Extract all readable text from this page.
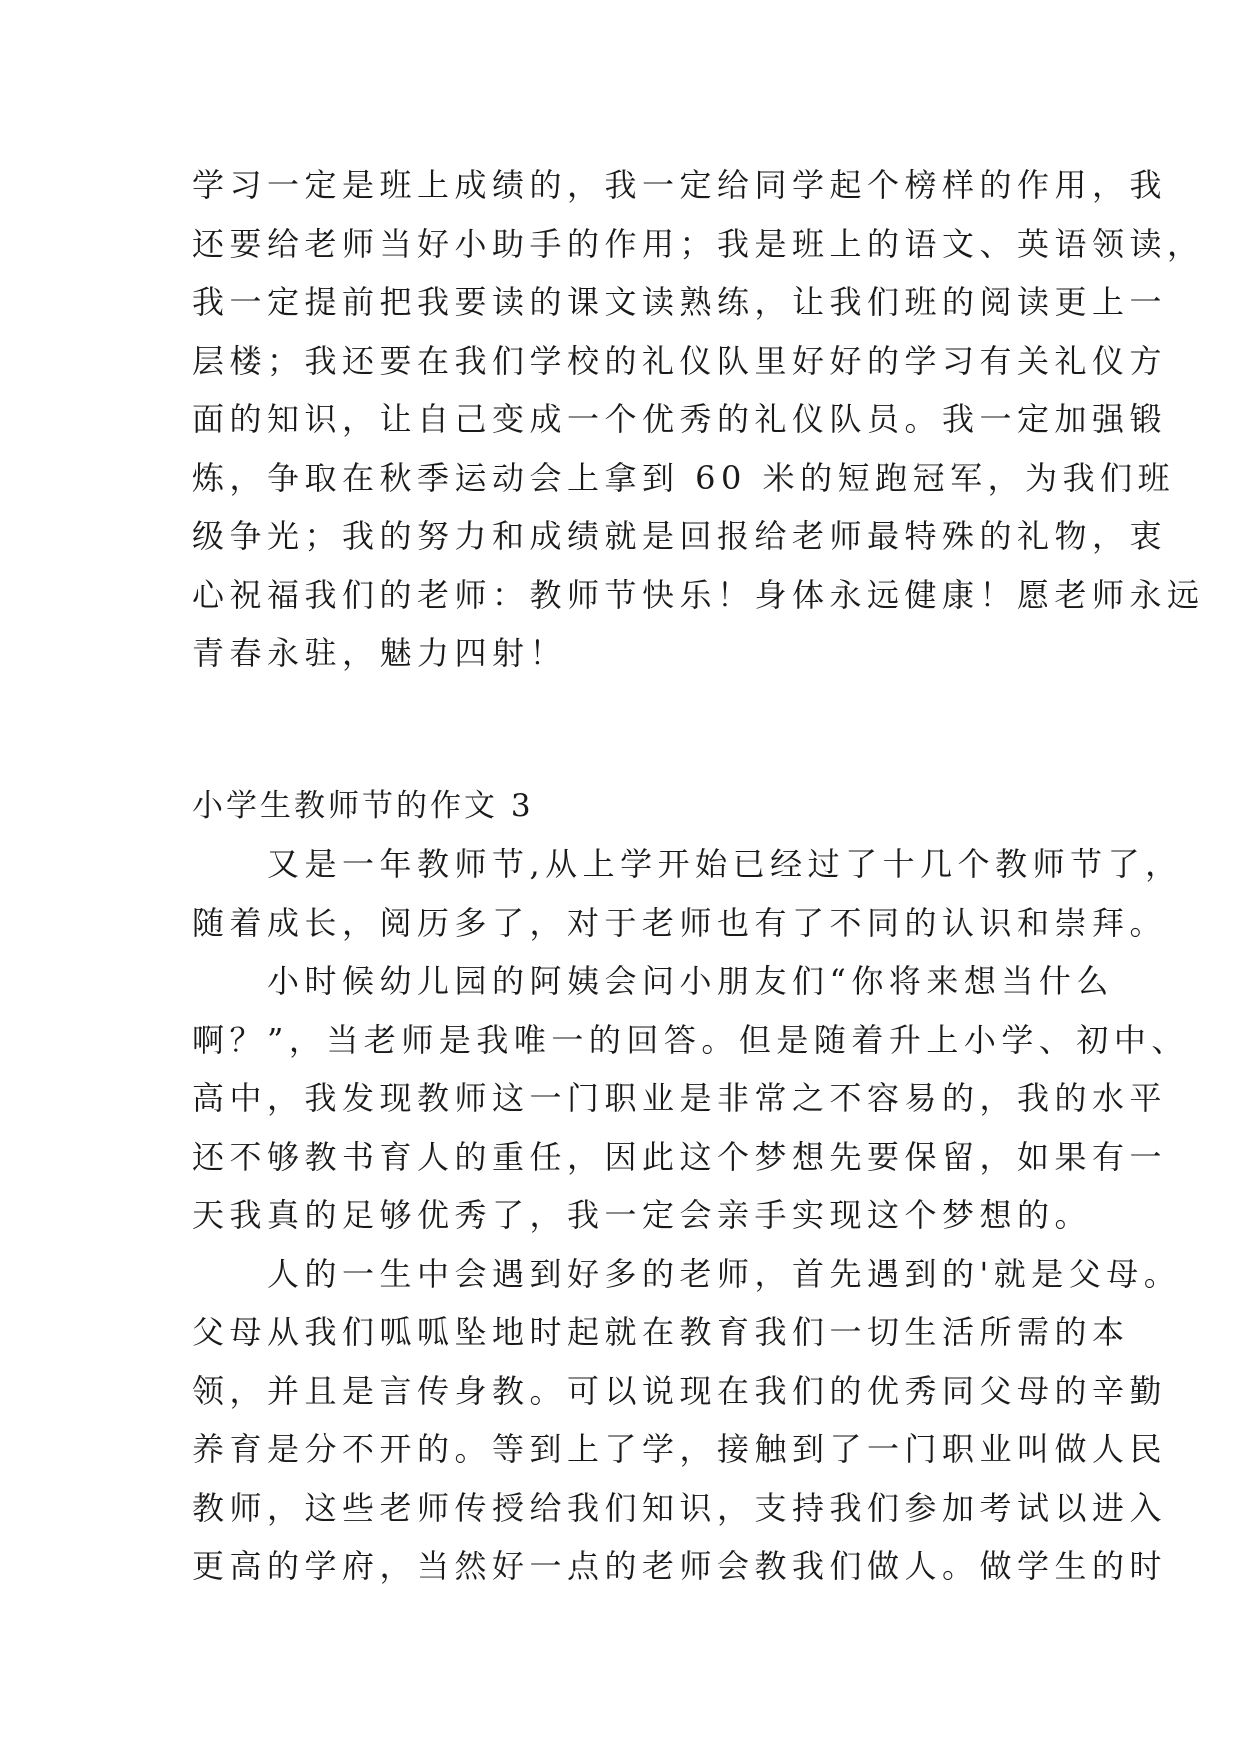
学习一定是班上成绩的，我一定给同学起个榜样的作用，我
还要给老师当好小助手的作用；我是班上的语文、英语领读，
我一定提前把我要读的课文读熟练，让我们班的阅读更上一
层楼；我还要在我们学校的礼仪队里好好的学习有关礼仪方
面的知识，让自己变成一个优秀的礼仪队员。我一定加强锻
炼，争取在秋季运动会上拿到 60 米的短跑冠军，为我们班
级争光；我的努力和成绩就是回报给老师最特殊的礼物，衷
心祝福我们的老师：教师节快乐！身体永远健康！愿老师永远
青春永驻，魅力四射！
小学生教师节的作文 3
　　又是一年教师节,从上学开始已经过了十几个教师节了，
随着成长，阅历多了，对于老师也有了不同的认识和崇拜。
　　小时候幼儿园的阿姨会问小朋友们“你将来想当什么
啊？”，当老师是我唯一的回答。但是随着升上小学、初中、
高中，我发现教师这一门职业是非常之不容易的，我的水平
还不够教书育人的重任，因此这个梦想先要保留，如果有一
天我真的足够优秀了，我一定会亲手实现这个梦想的。
　　人的一生中会遇到好多的老师，首先遇到的'就是父母。
父母从我们呱呱坠地时起就在教育我们一切生活所需的本
领，并且是言传身教。可以说现在我们的优秀同父母的辛勤
养育是分不开的。等到上了学，接触到了一门职业叫做人民
教师，这些老师传授给我们知识，支持我们参加考试以进入
更高的学府，当然好一点的老师会教我们做人。做学生的时
